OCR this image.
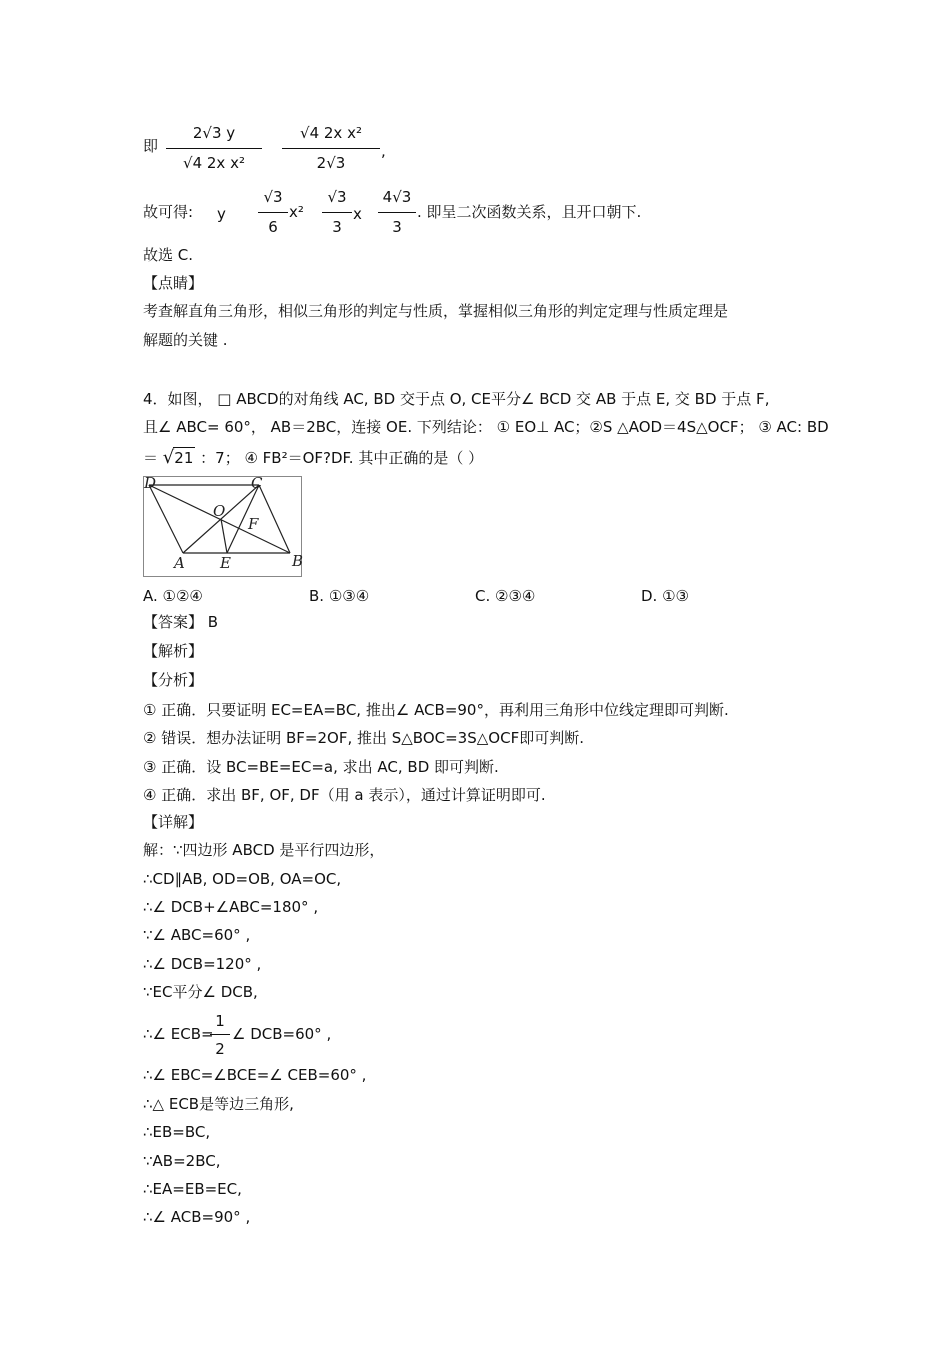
即
2√3 y
√4 2x x²
√4 2x x²
2√3
,
故可得: y
√3
6
x²
√3
3
x
4√3
3
. 即呈二次函数关系，且开口朝下.
故选 C.
【点睛】
考查解直角三角形，相似三角形的判定与性质，掌握相似三角形的判定定理与性质定理是
解题的关键 .
4．如图， □ ABCD的对角线 AC, BD 交于点 O, CE平分∠ BCD 交 AB 于点 E, 交 BD 于点 F,
且∠ ABC= 60°， AB＝2BC，连接 OE. 下列结论： ① EO⊥ AC；②S △AOD＝4S△OCF； ③ AC: BD
＝ √21 ：7； ④ FB²＝OF?DF. 其中正确的是（ ）
D	C
O
F
A E	B
A. ①②④	B. ①③④	C. ②③④	D. ①③
【答案】 B
【解析】
【分析】
① 正确．只要证明 EC=EA=BC, 推出∠ ACB=90°，再利用三角形中位线定理即可判断.
② 错误．想办法证明 BF=2OF, 推出 S△BOC=3S△OCF即可判断.
③ 正确．设 BC=BE=EC=a, 求出 AC, BD 即可判断.
④ 正确．求出 BF, OF, DF（用 a 表示），通过计算证明即可.
【详解】
解：∵四边形 ABCD 是平行四边形，
∴CD∥AB, OD=OB, OA=OC,
∴∠ DCB+∠ABC=180° ,
∵∠ ABC=60° ,
∴∠ DCB=120° ,
∵EC平分∠ DCB,
∴∠ ECB=
1
2
∠ DCB=60° ,
∴∠ EBC=∠BCE=∠ CEB=60° ,
∴△ ECB是等边三角形,
∴EB=BC,
∵AB=2BC,
∴EA=EB=EC,
∴∠ ACB=90° ,
